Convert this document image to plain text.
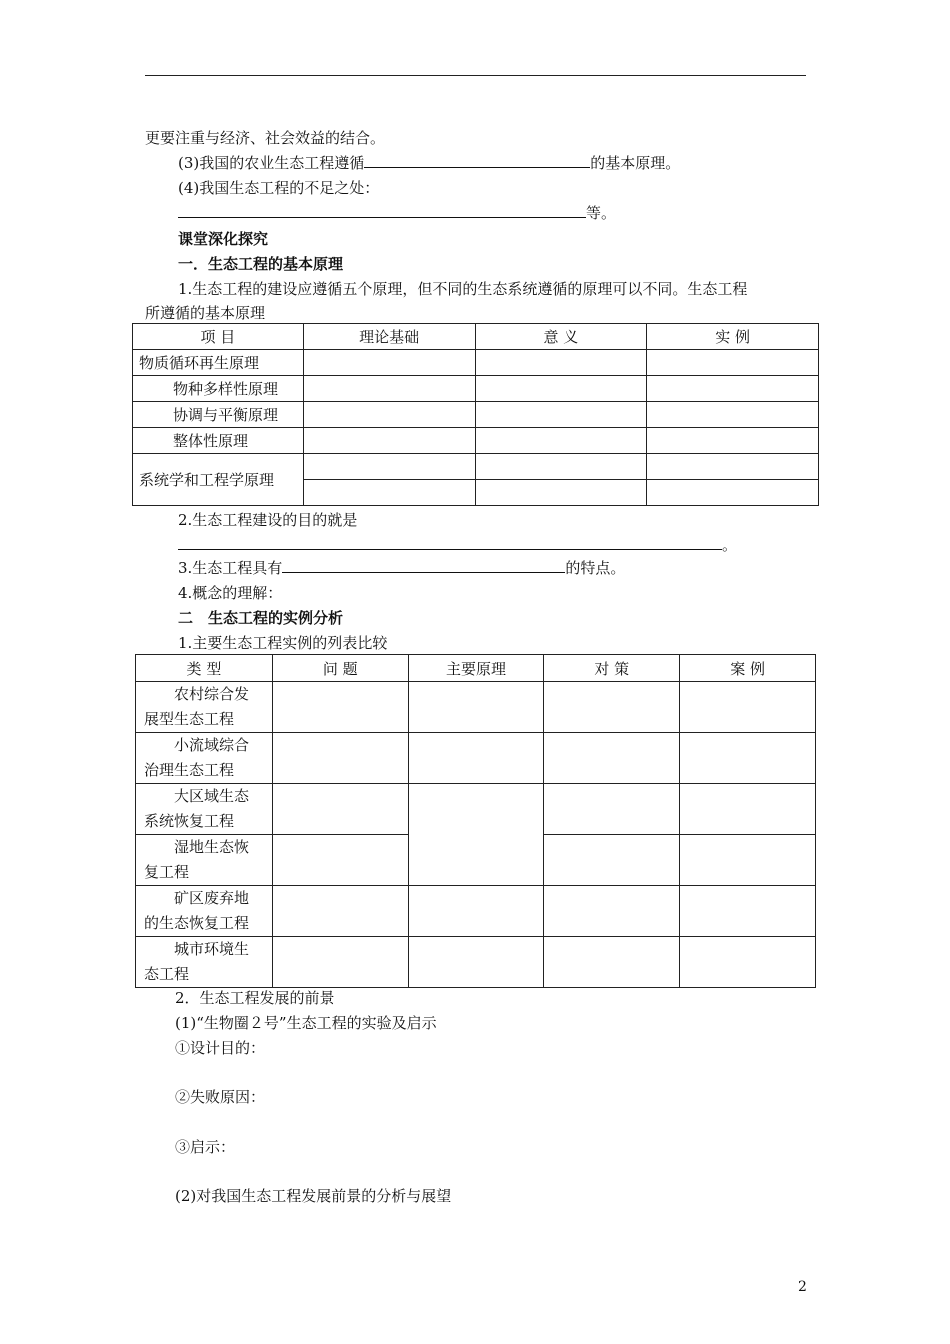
更要注重与经济、社会效益的结合。
(3)我国的农业生态工程遵循	的基本原理。
(4)我国生态工程的不足之处：
等。
课堂深化探究
一．生态工程的基本原理
1.生态工程的建设应遵循五个原理，但不同的生态系统遵循的原理可以不同。生态工程
所遵循的基本原理
项 目	理论基础	意 义	实 例
物质循环再生原理			
物种多样性原理			
协调与平衡原理			
整体性原理			
系统学和工程学原理			

2.生态工程建设的目的就是
。
3.生态工程具有	的特点。
4.概念的理解：
二　生态工程的实例分析
1.主要生态工程实例的列表比较
类 型	问 题	主要原理	对 策	案 例

农村综合发展型生态工程				

小流域综合治理生态工程				

大区域生态系统恢复工程				

湿地生态恢复工程				

矿区废弃地的生态恢复工程				

城市环境生态工程				

2．生态工程发展的前景
(1)“生物圈２号”生态工程的实验及启示
①设计目的：
②失败原因：
③启示：
(2)对我国生态工程发展前景的分析与展望
2
